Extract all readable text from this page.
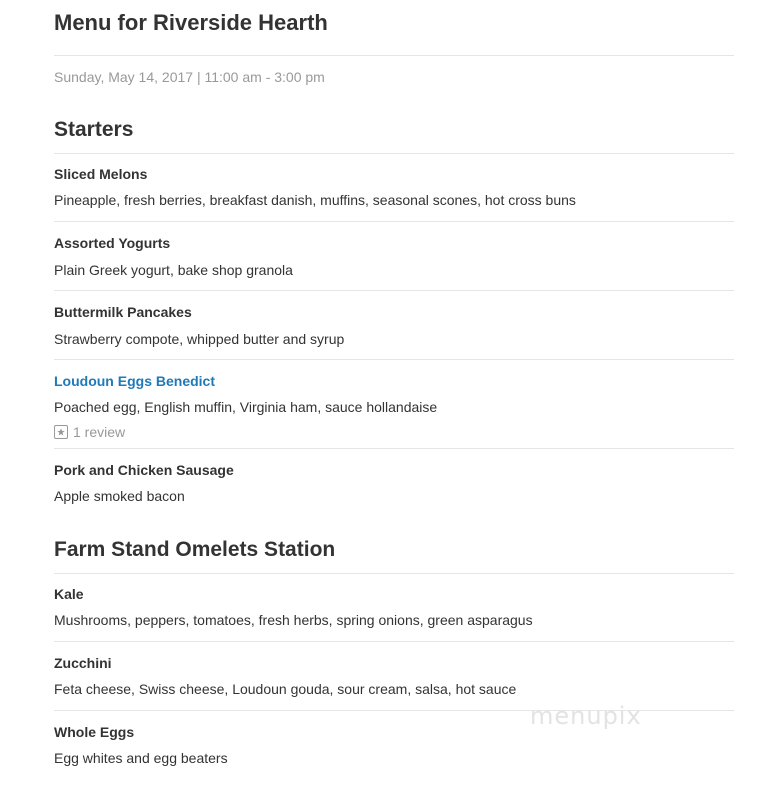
Menu for Riverside Hearth
Sunday, May 14, 2017 | 11:00 am - 3:00 pm
Starters
Sliced Melons
Pineapple, fresh berries, breakfast danish, muffins, seasonal scones, hot cross buns
Assorted Yogurts
Plain Greek yogurt, bake shop granola
Buttermilk Pancakes
Strawberry compote, whipped butter and syrup
Loudoun Eggs Benedict
Poached egg, English muffin, Virginia ham, sauce hollandaise
1 review
Pork and Chicken Sausage
Apple smoked bacon
Farm Stand Omelets Station
Kale
Mushrooms, peppers, tomatoes, fresh herbs, spring onions, green asparagus
Zucchini
Feta cheese, Swiss cheese, Loudoun gouda, sour cream, salsa, hot sauce
Whole Eggs
Egg whites and egg beaters
menupix
